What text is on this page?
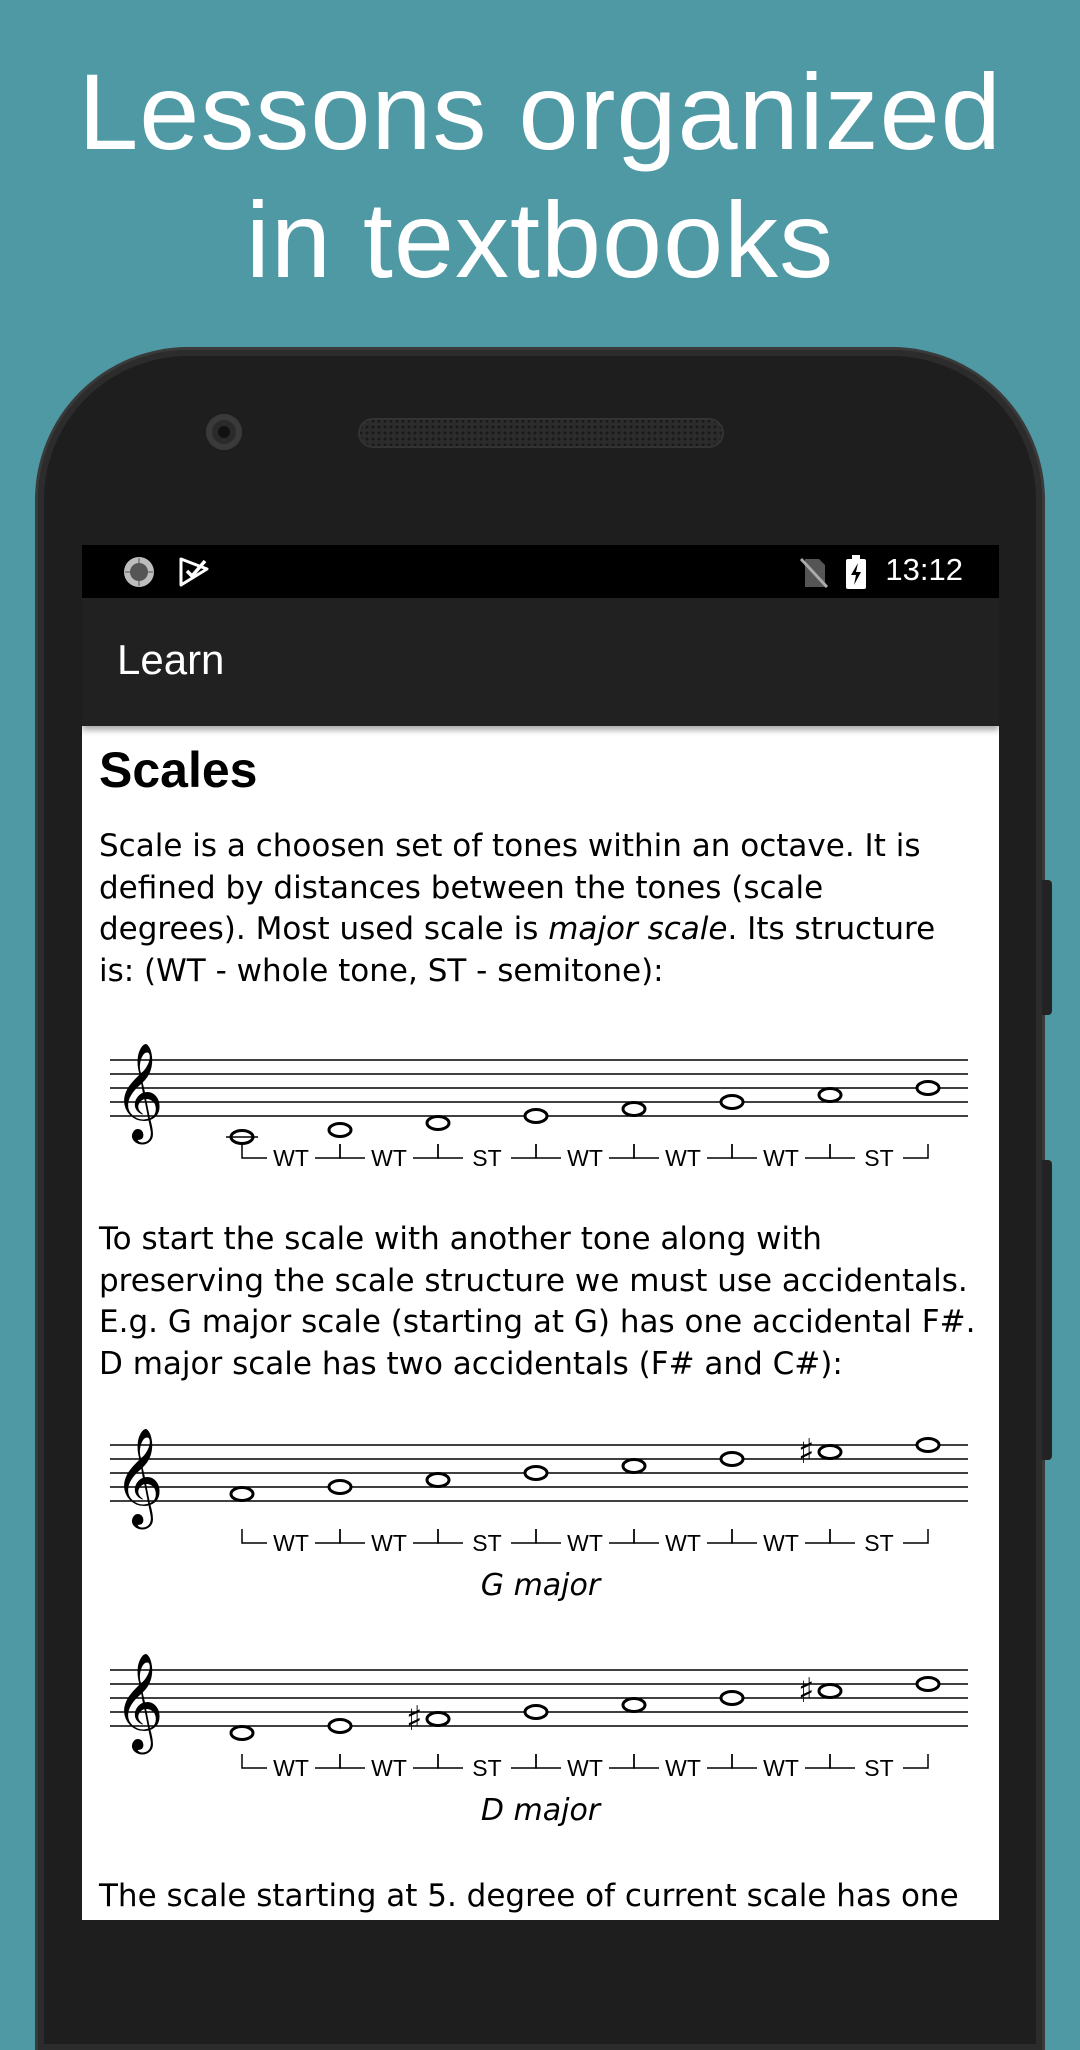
Lessons organized
in textbooks
13:12
Learn
Scales
Scale is a choosen set of tones within an octave. It is defined by distances between the tones (scale degrees). Most used scale is major scale. Its structure is: (WT - whole tone, ST - semitone):
𝄞
WT	WT	ST	WT	WT	WT	ST
To start the scale with another tone along with preserving the scale structure we must use accidentals. E.g. G major scale (starting at G) has one accidental F#. D major scale has two accidentals (F# and C#):
𝄞	♯
WT	WT	ST	WT	WT	WT	ST
G major
𝄞	♯
♯
WT	WT	ST	WT	WT	WT	ST
D major
The scale starting at 5. degree of current scale has one
